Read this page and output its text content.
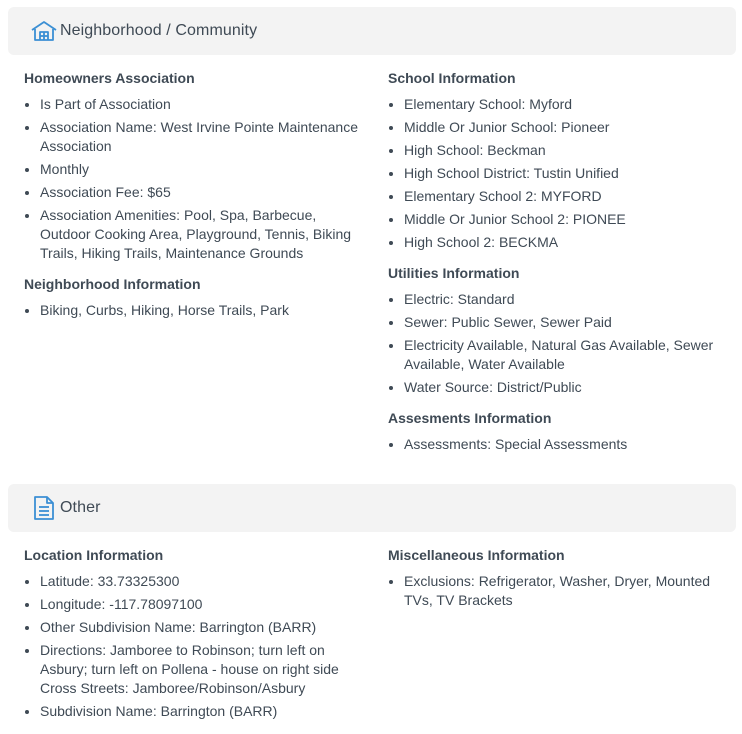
Neighborhood / Community
Homeowners Association
• Is Part of Association
• Association Name: West Irvine Pointe Maintenance Association
• Monthly
• Association Fee: $65
• Association Amenities: Pool, Spa, Barbecue, Outdoor Cooking Area, Playground, Tennis, Biking Trails, Hiking Trails, Maintenance Grounds
Neighborhood Information
• Biking, Curbs, Hiking, Horse Trails, Park
School Information
• Elementary School: Myford
• Middle Or Junior School: Pioneer
• High School: Beckman
• High School District: Tustin Unified
• Elementary School 2: MYFORD
• Middle Or Junior School 2: PIONEE
• High School 2: BECKMA
Utilities Information
• Electric: Standard
• Sewer: Public Sewer, Sewer Paid
• Electricity Available, Natural Gas Available, Sewer Available, Water Available
• Water Source: District/Public
Assesments Information
• Assessments: Special Assessments
Other
Location Information
• Latitude: 33.73325300
• Longitude: -117.78097100
• Other Subdivision Name: Barrington (BARR)
• Directions: Jamboree to Robinson; turn left on Asbury; turn left on Pollena - house on right side Cross Streets: Jamboree/Robinson/Asbury
• Subdivision Name: Barrington (BARR)
Miscellaneous Information
• Exclusions: Refrigerator, Washer, Dryer, Mounted TVs, TV Brackets
